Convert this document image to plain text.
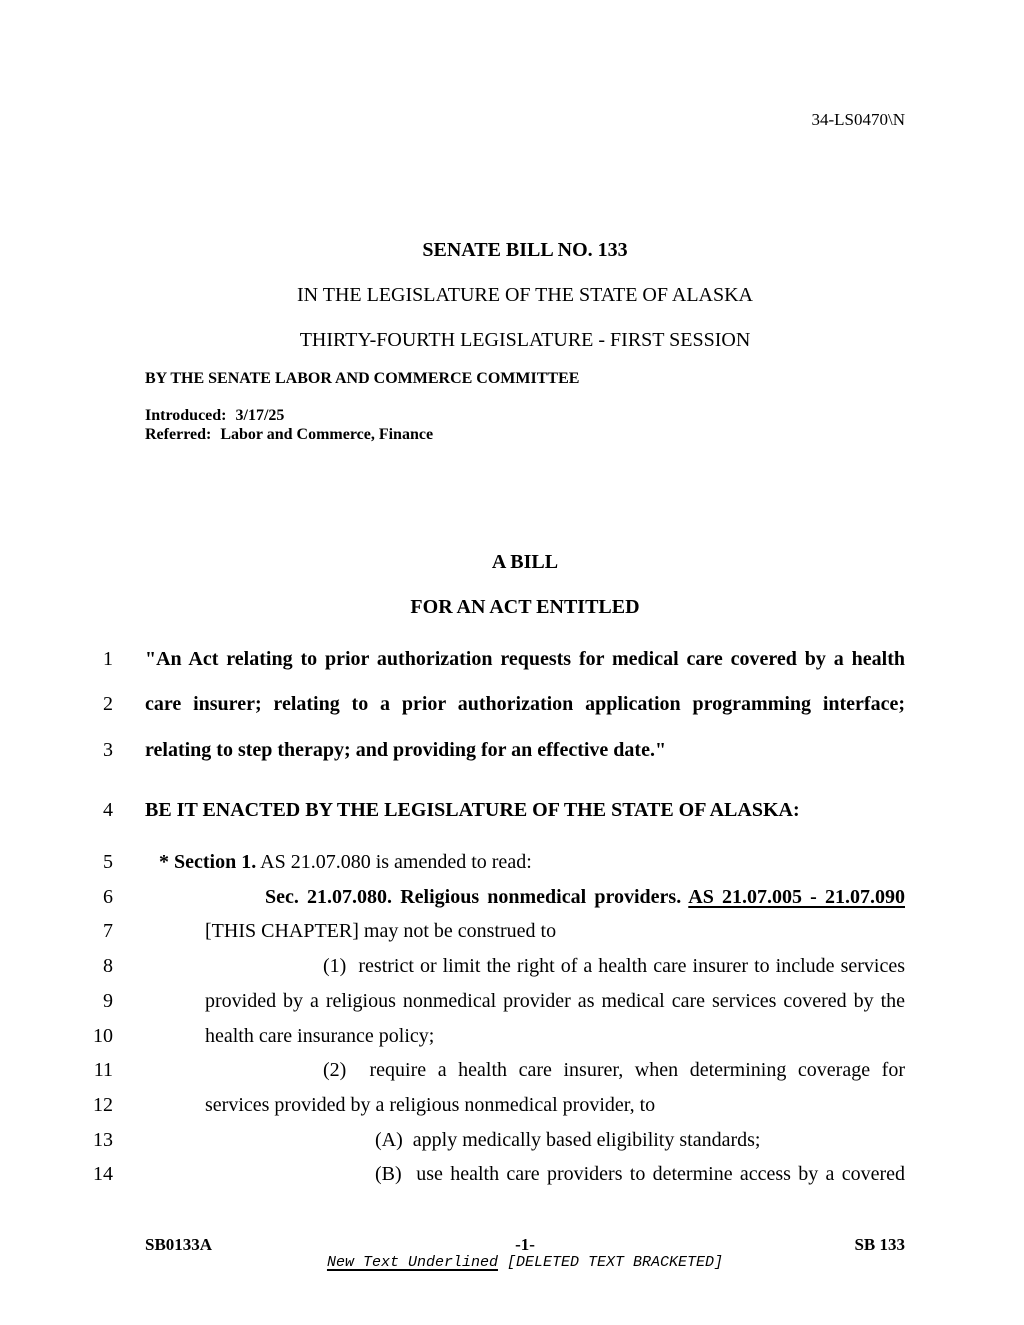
34-LS0470\N
SENATE BILL NO. 133
IN THE LEGISLATURE OF THE STATE OF ALASKA
THIRTY-FOURTH LEGISLATURE - FIRST SESSION
BY THE SENATE LABOR AND COMMERCE COMMITTEE
Introduced: 3/17/25
Referred: Labor and Commerce, Finance
A BILL
FOR AN ACT ENTITLED
1 "An Act relating to prior authorization requests for medical care covered by a health
2 care insurer; relating to a prior authorization application programming interface;
3 relating to step therapy; and providing for an effective date."
4 BE IT ENACTED BY THE LEGISLATURE OF THE STATE OF ALASKA:
5	* Section 1. AS 21.07.080 is amended to read:
6	Sec. 21.07.080. Religious nonmedical providers. AS 21.07.005 - 21.07.090
7	[THIS CHAPTER] may not be construed to
8	(1)  restrict or limit the right of a health care insurer to include services
9	provided by a religious nonmedical provider as medical care services covered by the
10	health care insurance policy;
11	(2)  require a health care insurer, when determining coverage for
12	services provided by a religious nonmedical provider, to
13	(A)  apply medically based eligibility standards;
14	(B)  use health care providers to determine access by a covered
SB0133A	-1-	SB 133
New Text Underlined [DELETED TEXT BRACKETED]
